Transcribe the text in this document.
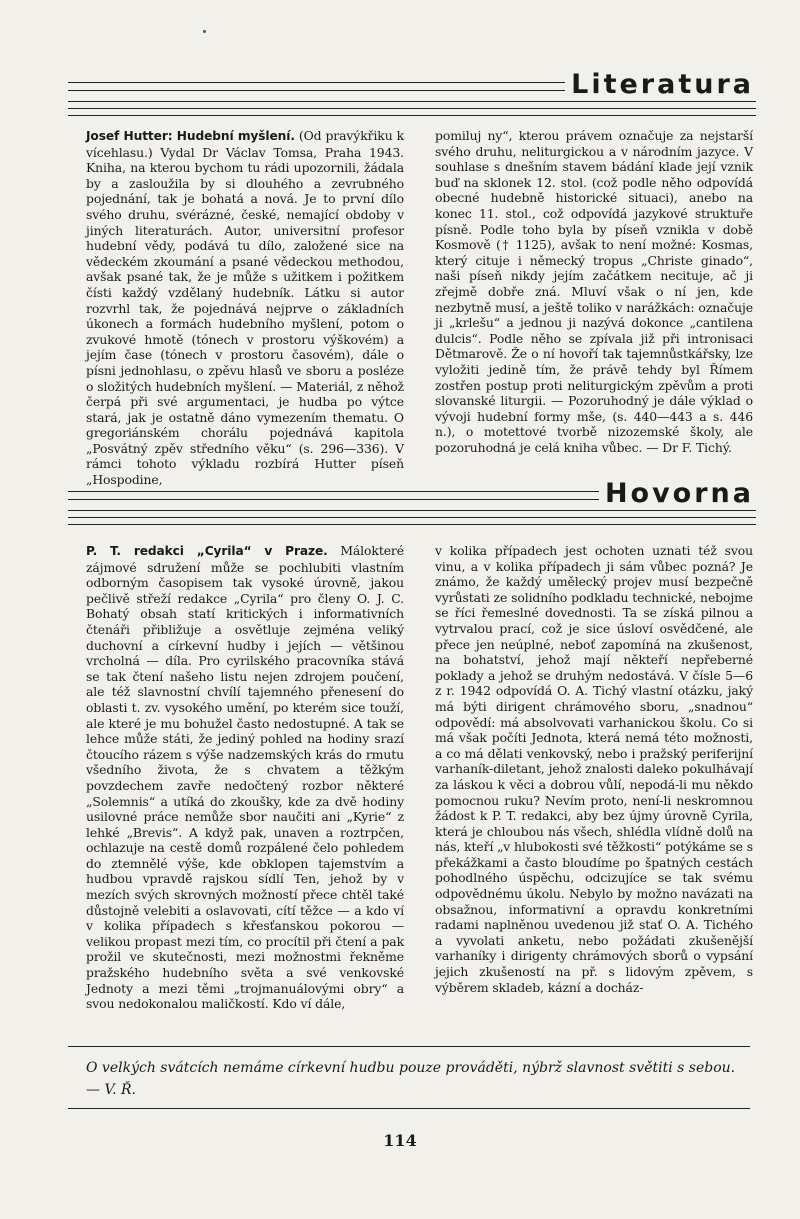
Literatura

Josef Hutter: Hudební myšlení. (Od pravýkřiku k vícehlasu.) Vydal Dr Václav Tomsa, Praha 1943. Kniha, na kterou bychom tu rádi upozornili, žádala by a zasloužila by si dlouhého a zevrubného pojednání, tak je bohatá a nová. Je to první dílo svého druhu, svérázné, české, nemající obdoby v jiných literaturách. Autor, universitní profesor hudební vědy, podává tu dílo, založené sice na vědeckém zkoumání a psané vědeckou methodou, avšak psané tak, že je může s užitkem i požitkem čísti každý vzdělaný hudebník. Látku si autor rozvrhl tak, že pojednává nejprve o základních úkonech a formách hudebního myšlení, potom o zvukové hmotě (tónech v prostoru výškovém) a jejím čase (tónech v prostoru časovém), dále o písni jednohlasu, o zpěvu hlasů ve sboru a posléze o složitých hudebních myšlení. — Materiál, z něhož čerpá při své argumentaci, je hudba po výtce stará, jak je ostatně dáno vymezením thematu. O gregoriánském chorálu pojednává kapitola „Posvátný zpěv středního věku“ (s. 296—336). V rámci tohoto výkladu rozbírá Hutter píseň „Hospodine,

pomiluj ny“, kterou právem označuje za nejstarší svého druhu, neliturgickou a v národním jazyce. V souhlase s dnešním stavem bádání klade její vznik buď na sklonek 12. stol. (což podle něho odpovídá obecné hudebně historické situaci), anebo na konec 11. stol., což odpovídá jazykové struktuře písně. Podle toho byla by píseň vznikla v době Kosmově († 1125), avšak to není možné: Kosmas, který cituje i německý tropus „Christe ginado“, naši píseň nikdy jejím začátkem necituje, ač ji zřejmě dobře zná. Mluví však o ní jen, kde nezbytně musí, a ještě toliko v narážkách: označuje ji „krlešu“ a jednou ji nazývá dokonce „cantilena dulcis“. Podle něho se zpívala již při intronisaci Dětmarově. Že o ní hovoří tak tajemnůstkářsky, lze vyložiti jedině tím, že právě tehdy byl Římem zostřen postup proti neliturgickým zpěvům a proti slovanské liturgii. — Pozoruhodný je dále výklad o vývoji hudební formy mše, (s. 440—443 a s. 446 n.), o motettové tvorbě nizozemské školy, ale pozoruhodná je celá kniha vůbec. — Dr F. Tichý.

Hovorna

P. T. redakci „Cyrila“ v Praze. Málokteré zájmové sdružení může se pochlubiti vlastním odborným časopisem tak vysoké úrovně, jakou pečlivě střeží redakce „Cyrila“ pro členy O. J. C. Bohatý obsah statí kritických i informativních čtenáři přibližuje a osvětluje zejména veliký duchovní a církevní hudby i jejích — většinou vrcholná — díla. Pro cyrilského pracovníka stává se tak čtení našeho listu nejen zdrojem poučení, ale též slavnostní chvílí tajemného přenesení do oblasti t. zv. vysokého umění, po kterém sice touží, ale které je mu bohužel často nedostupné. A tak se lehce může státi, že jediný pohled na hodiny srazí čtoucího rázem s výše nadzemských krás do rmutu všedního života, že s chvatem a těžkým povzdechem zavře nedočtený rozbor některé „Solemnis“ a utíká do zkoušky, kde za dvě hodiny usilovné práce nemůže sbor naučiti ani „Kyrie“ z lehké „Brevis“. A když pak, unaven a roztrpčen, ochlazuje na cestě domů rozpálené čelo pohledem do ztemnělé výše, kde obklopen tajemstvím a hudbou vpravdě rajskou sídlí Ten, jehož by v mezích svých skrovných možností přece chtěl také důstojně velebiti a oslavovati, cítí těžce — a kdo ví v kolika případech s křesťanskou pokorou — velikou propast mezi tím, co procítil při čtení a pak prožil ve skutečnosti, mezi možnostmi řekněme pražského hudebního světa a své venkovské Jednoty a mezi těmi „trojmanuálovými obry“ a svou nedokonalou maličkostí. Kdo ví dále,

v kolika případech jest ochoten uznati též svou vinu, a v kolika případech ji sám vůbec pozná? Je známo, že každý umělecký projev musí bezpečně vyrůstati ze solidního podkladu technické, nebojme se říci řemeslné dovednosti. Ta se získá pilnou a vytrvalou prací, což je sice úsloví osvědčené, ale přece jen neúplné, neboť zapomíná na zkušenost, na bohatství, jehož mají někteří nepřeberné poklady a jehož se druhým nedostává. V čísle 5—6 z r. 1942 odpovídá O. A. Tichý vlastní otázku, jaký má býti dirigent chrámového sboru, „snadnou“ odpovědí: má absolvovati varhanickou školu. Co si má však počíti Jednota, která nemá této možnosti, a co má dělati venkovský, nebo i pražský periferijní varhaník-diletant, jehož znalosti daleko pokulhávají za láskou k věci a dobrou vůlí, nepodá-li mu někdo pomocnou ruku? Nevím proto, není-li neskromnou žádost k P. T. redakci, aby bez újmy úrovně Cyrila, která je chloubou nás všech, shlédla vlídně dolů na nás, kteří „v hlubokosti své těžkosti“ potýkáme se s překážkami a často bloudíme po špatných cestách pohodlného úspěchu, odcizujíce se tak svému odpovědnému úkolu. Nebylo by možno navázati na obsažnou, informativní a opravdu konkretními radami naplněnou uvedenou již stať O. A. Tichého a vyvolati anketu, nebo požádati zkušenější varhaníky i dirigenty chrámových sborů o vypsání jejich zkušeností na př. s lidovým zpěvem, s výběrem skladeb, kázní a docház-

O velkých svátcích nemáme církevní hudbu pouze prováděti, nýbrž slavnost světiti s sebou. — V. Ř.
114
